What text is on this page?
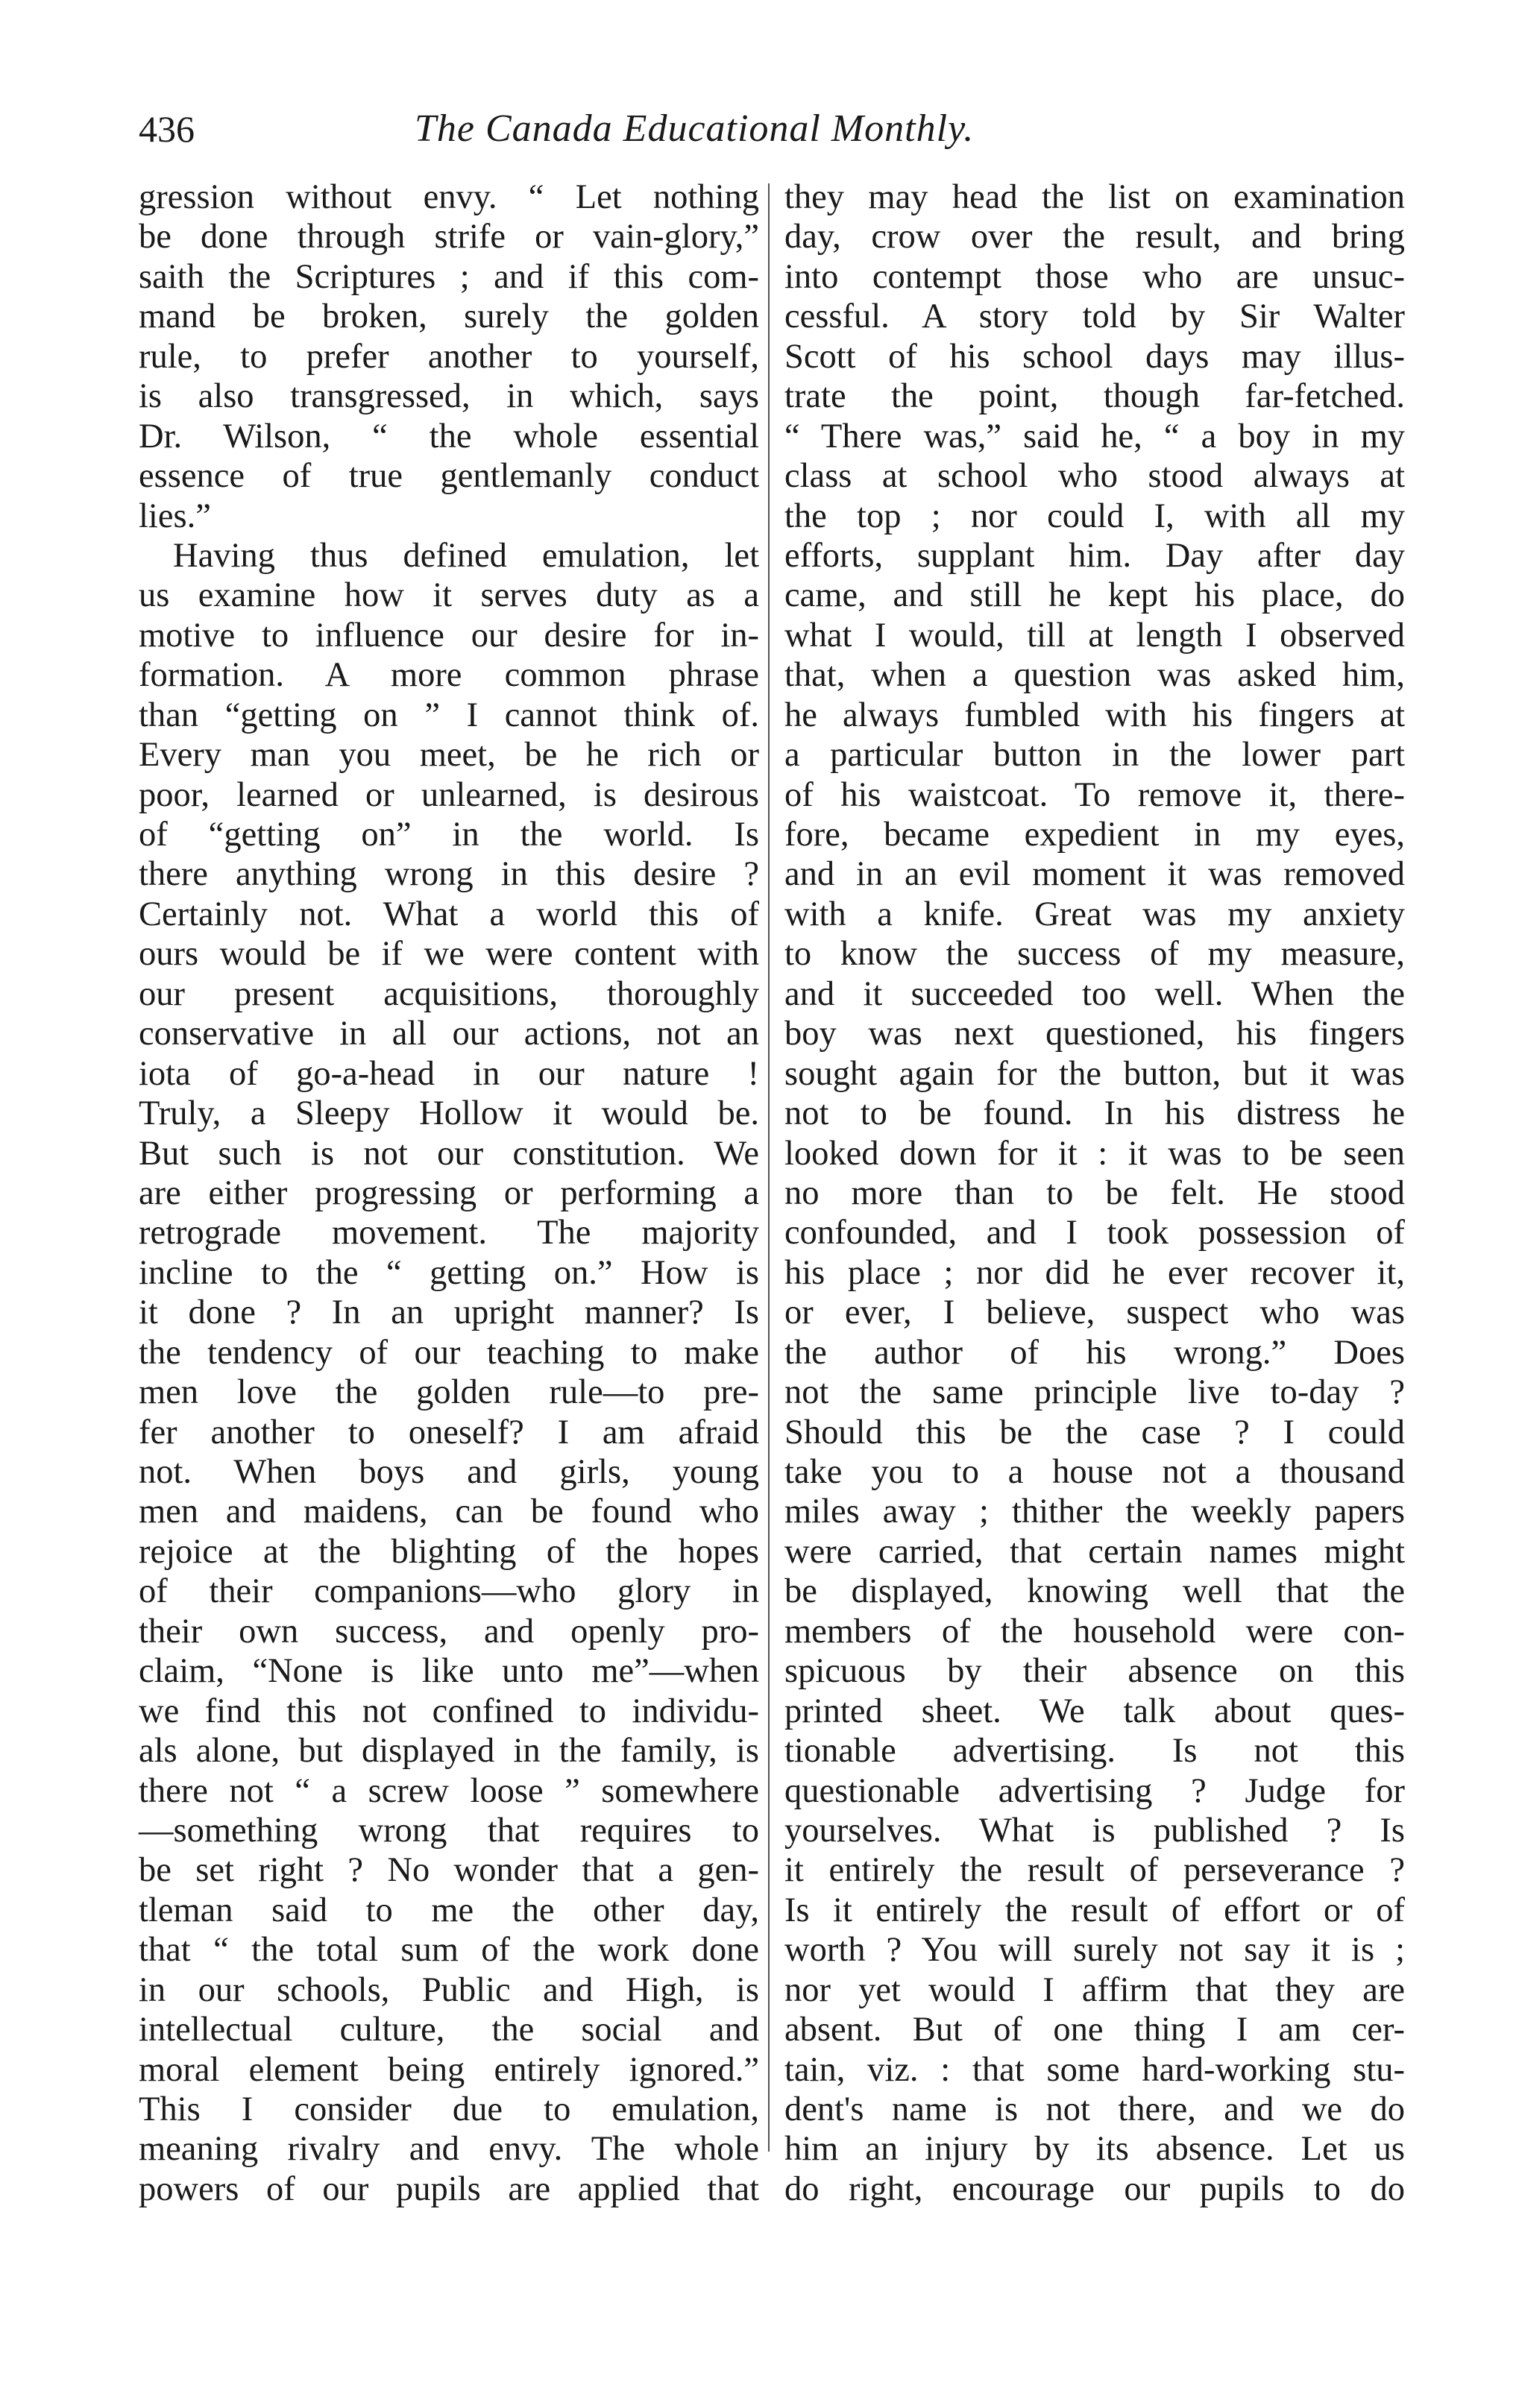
436	The Canada Educational Monthly.
gression without envy. “ Let nothing
be done through strife or vain-glory,”
saith the Scriptures ; and if this com-
mand be broken, surely the golden
rule, to prefer another to yourself,
is also transgressed, in which, says
Dr. Wilson, “ the whole essential
essence of true gentlemanly conduct
lies.”
Having thus defined emulation, let
us examine how it serves duty as a
motive to influence our desire for in-
formation. A more common phrase
than “getting on ” I cannot think of.
Every man you meet, be he rich or
poor, learned or unlearned, is desirous
of “getting on” in the world. Is
there anything wrong in this desire ?
Certainly not. What a world this of
ours would be if we were content with
our present acquisitions, thoroughly
conservative in all our actions, not an
iota of go-a-head in our nature !
Truly, a Sleepy Hollow it would be.
But such is not our constitution. We
are either progressing or performing a
retrograde movement. The majority
incline to the “ getting on.” How is
it done ? In an upright manner? Is
the tendency of our teaching to make
men love the golden rule—to pre-
fer another to oneself? I am afraid
not. When boys and girls, young
men and maidens, can be found who
rejoice at the blighting of the hopes
of their companions—who glory in
their own success, and openly pro-
claim, “None is like unto me”—when
we find this not confined to individu-
als alone, but displayed in the family, is
there not “ a screw loose ” somewhere
—something wrong that requires to
be set right ? No wonder that a gen-
tleman said to me the other day,
that “ the total sum of the work done
in our schools, Public and High, is
intellectual culture, the social and
moral element being entirely ignored.”
This I consider due to emulation,
meaning rivalry and envy. The whole
powers of our pupils are applied that
they may head the list on examination
day, crow over the result, and bring
into contempt those who are unsuc-
cessful. A story told by Sir Walter
Scott of his school days may illus-
trate the point, though far-fetched.
“ There was,” said he, “ a boy in my
class at school who stood always at
the top ; nor could I, with all my
efforts, supplant him. Day after day
came, and still he kept his place, do
what I would, till at length I observed
that, when a question was asked him,
he always fumbled with his fingers at
a particular button in the lower part
of his waistcoat. To remove it, there-
fore, became expedient in my eyes,
and in an evil moment it was removed
with a knife. Great was my anxiety
to know the success of my measure,
and it succeeded too well. When the
boy was next questioned, his fingers
sought again for the button, but it was
not to be found. In his distress he
looked down for it : it was to be seen
no more than to be felt. He stood
confounded, and I took possession of
his place ; nor did he ever recover it,
or ever, I believe, suspect who was
the author of his wrong.” Does
not the same principle live to-day ?
Should this be the case ? I could
take you to a house not a thousand
miles away ; thither the weekly papers
were carried, that certain names might
be displayed, knowing well that the
members of the household were con-
spicuous by their absence on this
printed sheet. We talk about ques-
tionable advertising. Is not this
questionable advertising ? Judge for
yourselves. What is published ? Is
it entirely the result of perseverance ?
Is it entirely the result of effort or of
worth ? You will surely not say it is ;
nor yet would I affirm that they are
absent. But of one thing I am cer-
tain, viz. : that some hard-working stu-
dent's name is not there, and we do
him an injury by its absence. Let us
do right, encourage our pupils to do
